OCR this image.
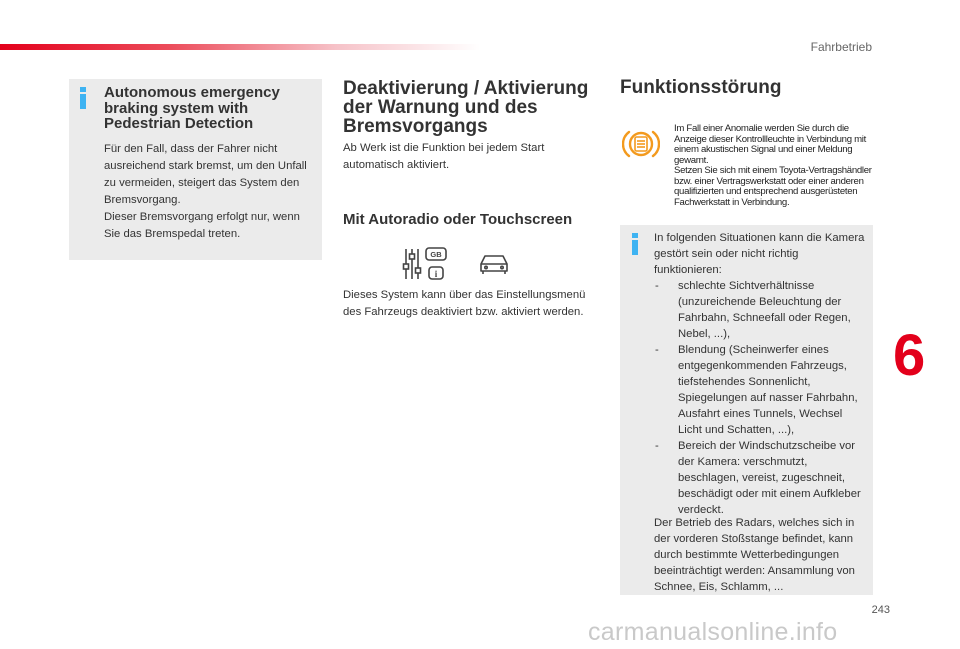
Fahrbetrieb
Autonomous emergency braking system with Pedestrian Detection
Für den Fall, dass der Fahrer nicht ausreichend stark bremst, um den Unfall zu vermeiden, steigert das System den Bremsvorgang.
Dieser Bremsvorgang erfolgt nur, wenn Sie das Bremspedal treten.
Deaktivierung / Aktivierung der Warnung und des Bremsvorgangs
Ab Werk ist die Funktion bei jedem Start automatisch aktiviert.
Mit Autoradio oder Touchscreen
GB
i
Dieses System kann über das Einstellungsmenü des Fahrzeugs deaktiviert bzw. aktiviert werden.
Funktionsstörung
Im Fall einer Anomalie werden Sie durch die Anzeige dieser Kontrollleuchte in Verbindung mit einem akustischen Signal und einer Meldung gewarnt.
Setzen Sie sich mit einem Toyota-Vertragshändler bzw. einer Vertragswerkstatt oder einer anderen qualifizierten und entsprechend ausgerüsteten Fachwerkstatt in Verbindung.
In folgenden Situationen kann die Kamera gestört sein oder nicht richtig funktionieren:
- schlechte Sichtverhältnisse (unzureichende Beleuchtung der Fahrbahn, Schneefall oder Regen, Nebel, ...),
- Blendung (Scheinwerfer eines entgegenkommenden Fahrzeugs, tiefstehendes Sonnenlicht, Spiegelungen auf nasser Fahrbahn, Ausfahrt eines Tunnels, Wechsel Licht und Schatten, ...),
- Bereich der Windschutzscheibe vor der Kamera: verschmutzt, beschlagen, vereist, zugeschneit, beschädigt oder mit einem Aufkleber verdeckt.
Der Betrieb des Radars, welches sich in der vorderen Stoßstange befindet, kann durch bestimmte Wetterbedingungen beeinträchtigt werden: Ansammlung von Schnee, Eis, Schlamm, ...
6
243
carmanualsonline.info
